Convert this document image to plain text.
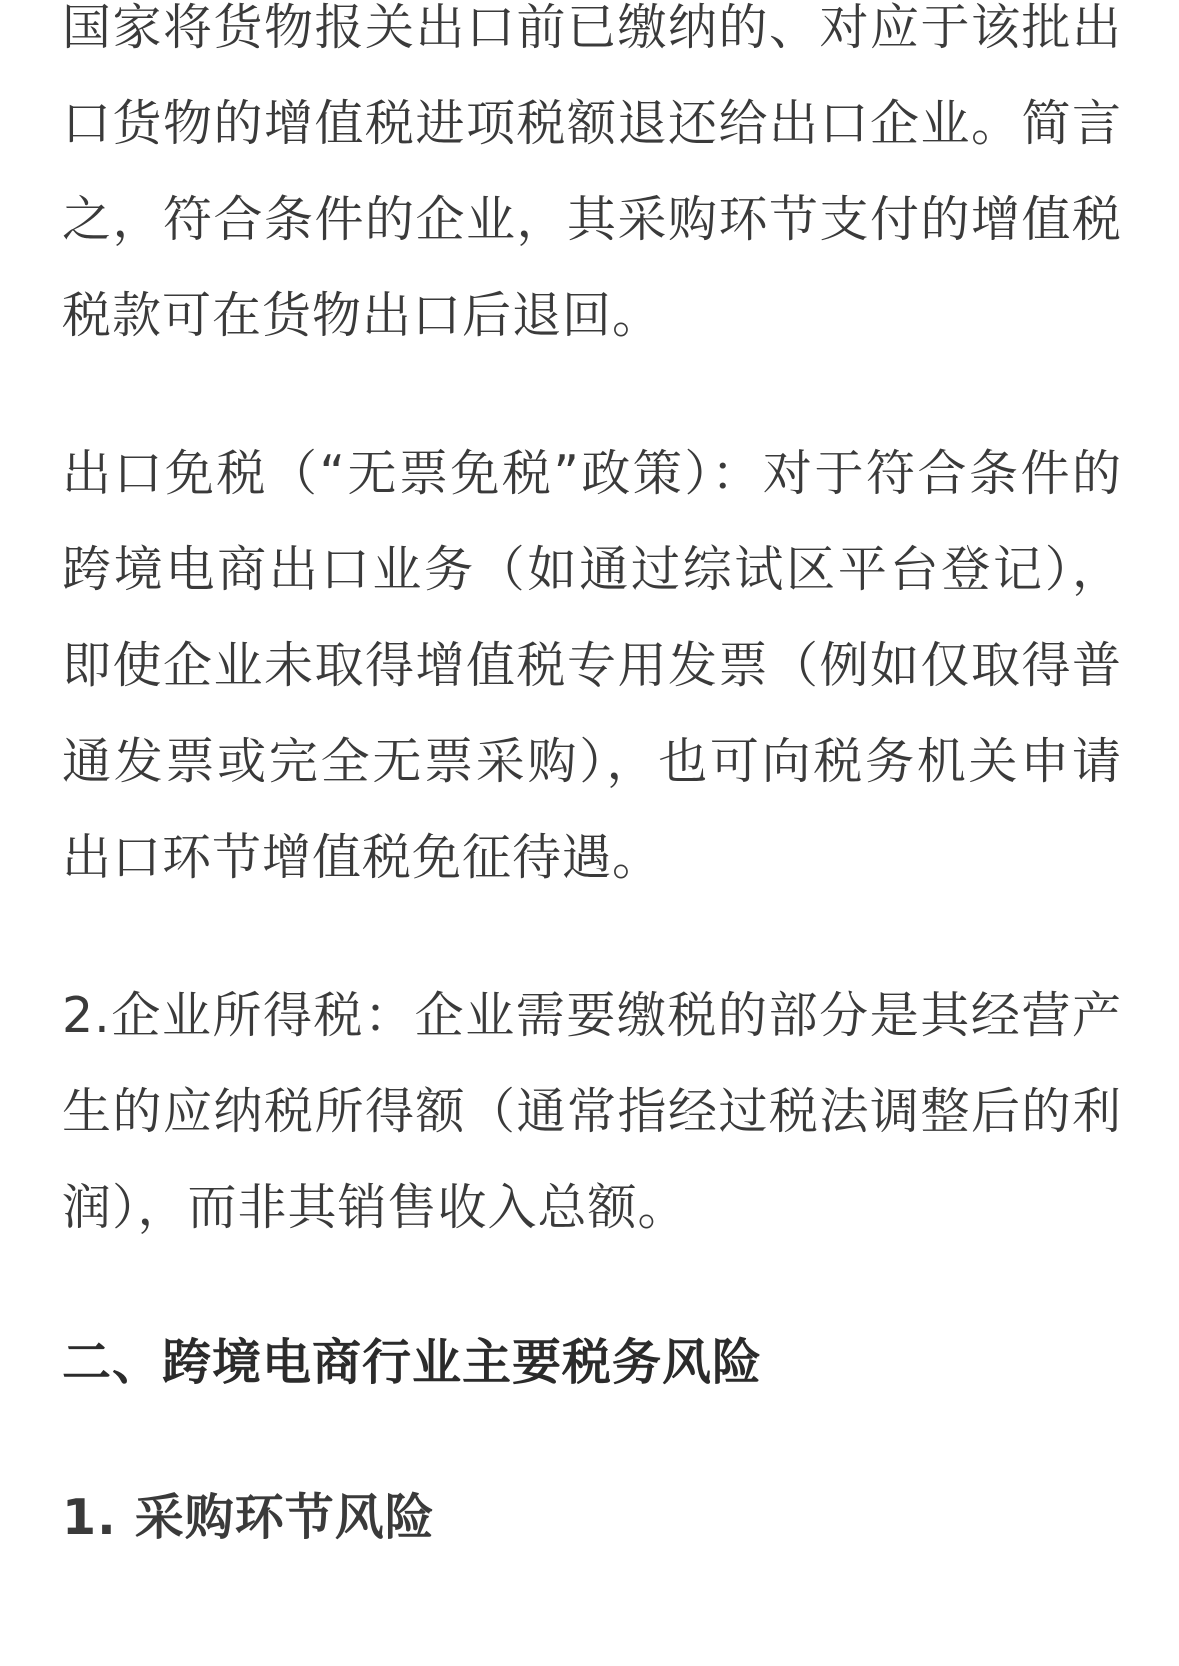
国家将货物报关出口前已缴纳的、对应于该批出口货物的增值税进项税额退还给出口企业。简言之，符合条件的企业，其采购环节支付的增值税税款可在货物出口后退回。

出口免税（“无票免税”政策）：对于符合条件的跨境电商出口业务（如通过综试区平台登记），即使企业未取得增值税专用发票（例如仅取得普通发票或完全无票采购），也可向税务机关申请出口环节增值税免征待遇。

2.企业所得税：企业需要缴税的部分是其经营产生的应纳税所得额（通常指经过税法调整后的利润），而非其销售收入总额。

二、跨境电商行业主要税务风险
1. 采购环节风险
